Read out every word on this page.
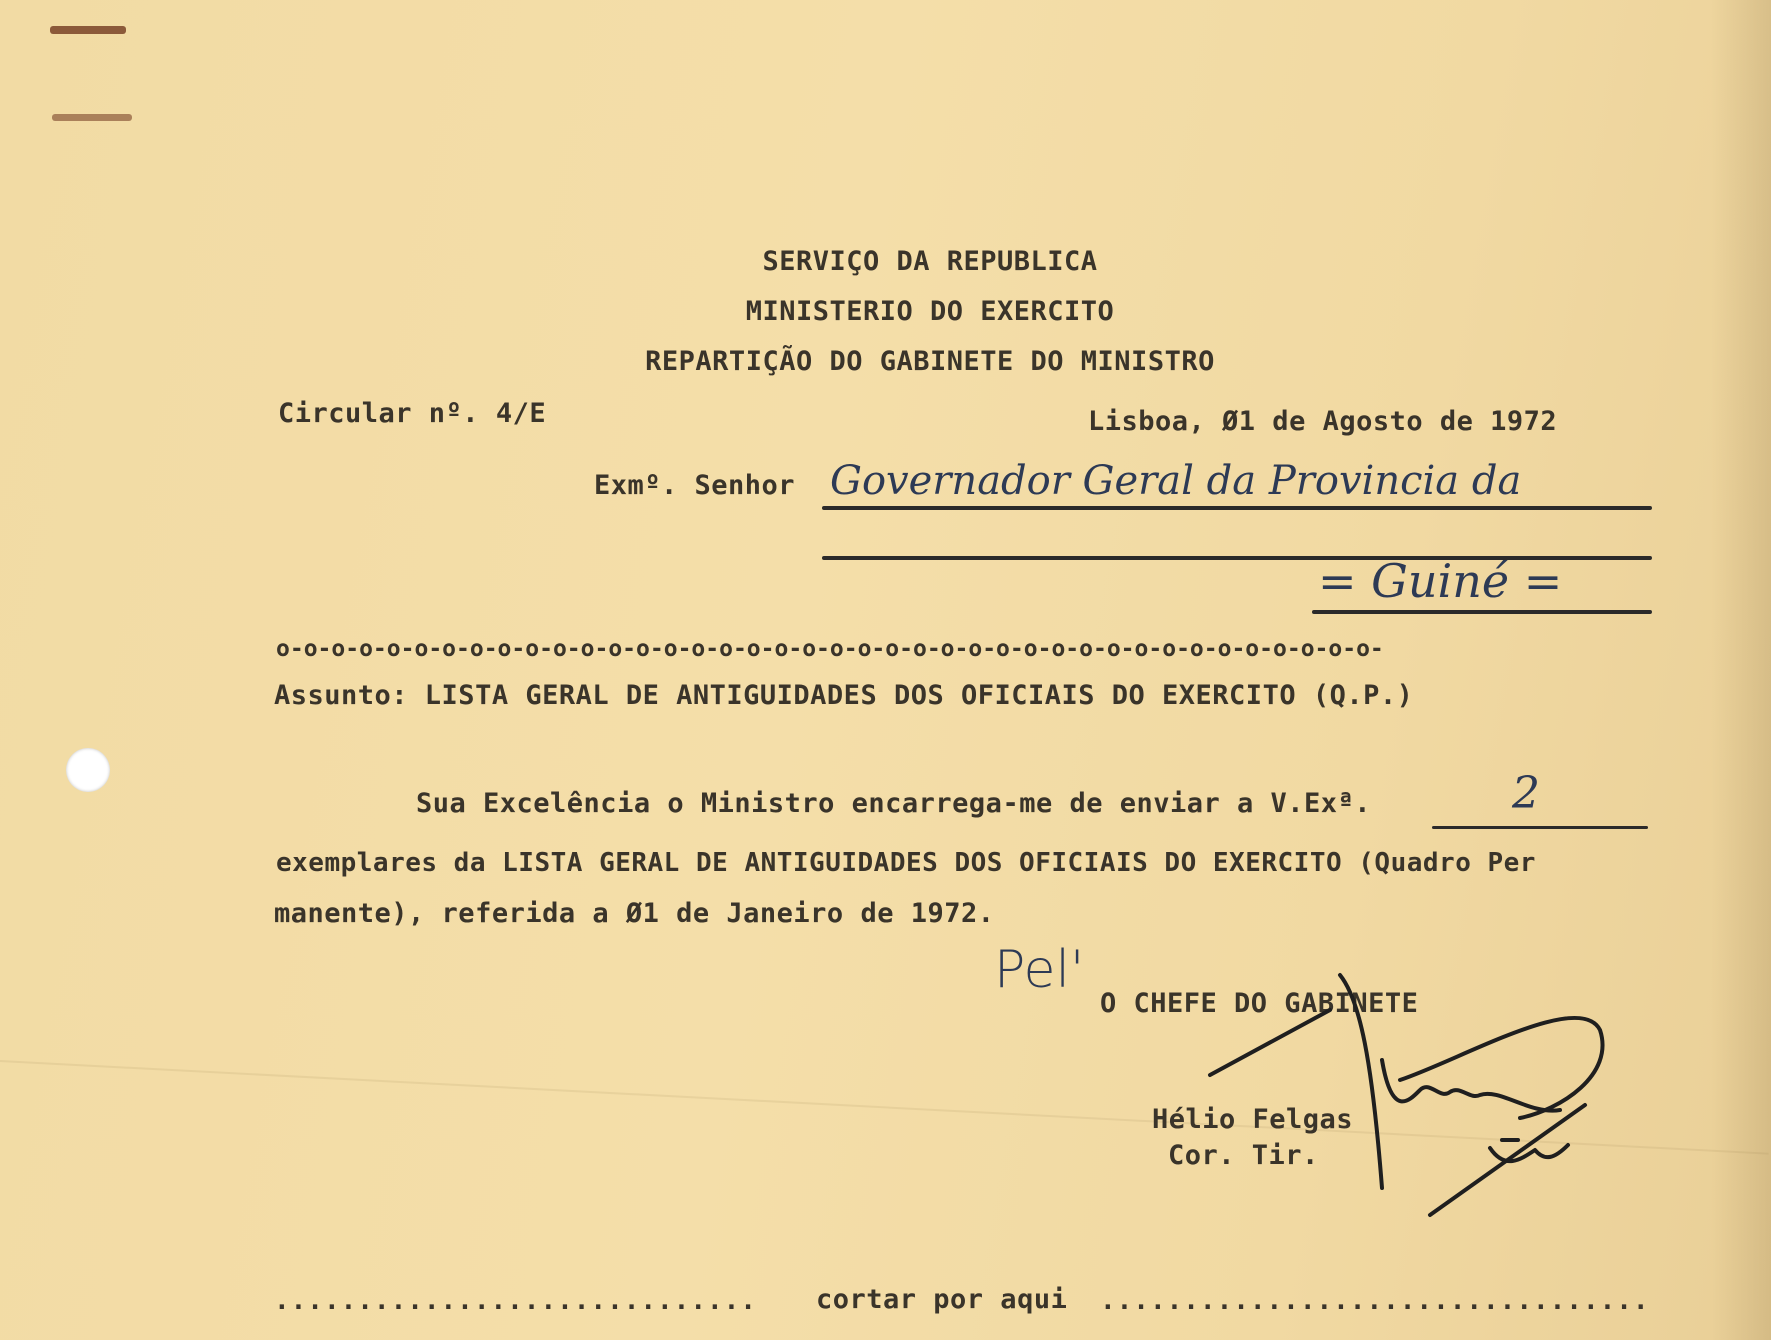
SERVIÇO DA REPUBLICA
MINISTERIO DO EXERCITO
REPARTIÇÃO DO GABINETE DO MINISTRO
Circular nº. 4/E	Lisboa, Ø1 de Agosto de 1972
Exmº. Senhor Governador Geral da Provincia da
= Guiné =
o-o-o-o-o-o-o-o-o-o-o-o-o-o-o-o-o-o-o-o-o-o-o-o-o-o-o-o-o-o-o-o-o-o-o-o-o-o-o-o-
Assunto: LISTA GERAL DE ANTIGUIDADES DOS OFICIAIS DO EXERCITO (Q.P.)
Sua Excelência o Ministro encarrega-me de enviar a V.Exª.	2
exemplares da LISTA GERAL DE ANTIGUIDADES DOS OFICIAIS DO EXERCITO (Quadro Per
manente), referida a Ø1 de Janeiro de 1972.
Pel'
O CHEFE DO GABINETE
Hélio Felgas
Cor. Tir.
............................. cortar por aqui .................................
